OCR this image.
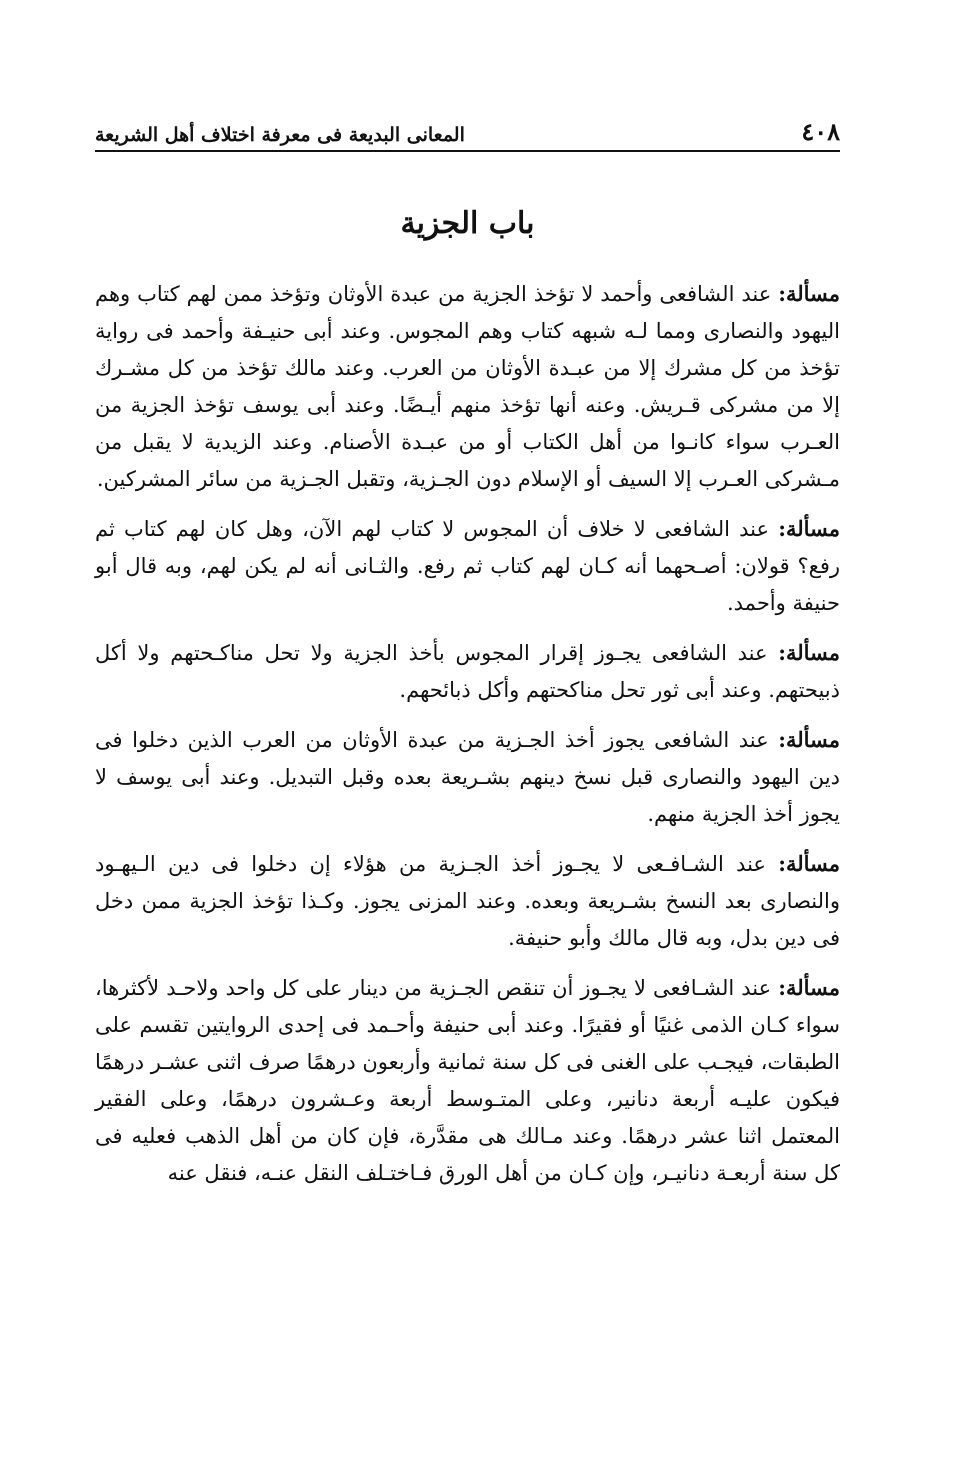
٤٠٨
المعانى البديعة فى معرفة اختلاف أهل الشريعة
باب الجزية

مسألة: عند الشافعى وأحمد لا تؤخذ الجزية من عبدة الأوثان وتؤخذ ممن لهم كتاب وهم اليهود والنصارى ومما لـه شبهه كتاب وهم المجوس. وعند أبى حنيـفة وأحمد فى رواية تؤخذ من كل مشرك إلا من عبـدة الأوثان من العرب. وعند مالك تؤخذ من كل مشـرك إلا من مشركى قـريش. وعنه أنها تؤخذ منهم أيـضًا. وعند أبى يوسف تؤخذ الجزية من العـرب سواء كانـوا من أهل الكتاب أو من عبـدة الأصنام. وعند الزيدية لا يقبل من مـشركى العـرب إلا السيف أو الإسلام دون الجـزية، وتقبل الجـزية من سائر المشركين.

مسألة: عند الشافعى لا خلاف أن المجوس لا كتاب لهم الآن، وهل كان لهم كتاب ثم رفع؟ قولان: أصـحهما أنه كـان لهم كتاب ثم رفع. والثـانى أنه لم يكن لهم، وبه قال أبو حنيفة وأحمد.

مسألة: عند الشافعى يجـوز إقرار المجوس بأخذ الجزية ولا تحل مناكـحتهم ولا أكل ذبيحتهم. وعند أبى ثور تحل مناكحتهم وأكل ذبائحهم.

مسألة: عند الشافعى يجوز أخذ الجـزية من عبدة الأوثان من العرب الذين دخلوا فى دين اليهود والنصارى قبل نسخ دينهم بشـريعة بعده وقبل التبديل. وعند أبى يوسف لا يجوز أخذ الجزية منهم.

مسألة: عند الشـافـعى لا يجـوز أخذ الجـزية من هؤلاء إن دخلوا فى دين الـيهـود والنصارى بعد النسخ بشـريعة وبعده. وعند المزنى يجوز. وكـذا تؤخذ الجزية ممن دخل فى دين بدل، وبه قال مالك وأبو حنيفة.

مسألة: عند الشـافعى لا يجـوز أن تنقص الجـزية من دينار على كل واحد ولاحـد لأكثرها، سواء كـان الذمى غنيًا أو فقيرًا. وعند أبى حنيفة وأحـمد فى إحدى الروايتين تقسم على الطبقات، فيجـب على الغنى فى كل سنة ثمانية وأربعون درهمًا صرف اثنى عشـر درهمًا فيكون عليـه أربعة دنانير، وعلى المتـوسط أربعة وعـشرون درهمًا، وعلى الفقير المعتمل اثنا عشر درهمًا. وعند مـالك هى مقدَّرة، فإن كان من أهل الذهب فعليه فى كل سنة أربعـة دنانيـر، وإن كـان من أهل الورق فـاختـلف النقل عنـه، فنقل عنه
